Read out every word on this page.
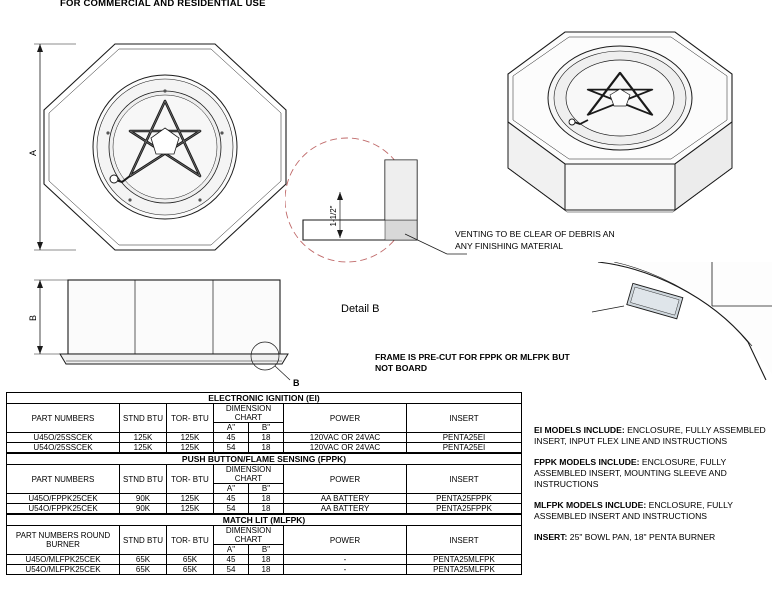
FOR COMMERCIAL AND RESIDENTIAL USE
A
B
B
1-1/2"
Detail B
VENTING TO BE CLEAR OF DEBRIS AN ANY FINISHING MATERIAL
FRAME IS PRE-CUT FOR FPPK OR MLFPK BUT NOT BOARD
ELECTRONIC IGNITION (EI)						
PART NUMBERS	STND BTU	TOR- BTU	DIMENSION CHART		POWER	INSERT
			A"	B"		
U45O/25SSCEK	125K	125K	45	18	120VAC OR 24VAC	PENTA25EI
U54O/25SSCEK	125K	125K	54	18	120VAC OR 24VAC	PENTA25EI
PUSH BUTTON/FLAME SENSING (FPPK)						
PART NUMBERS	STND BTU	TOR- BTU	DIMENSION CHART		POWER	INSERT
			A"	B"		
U45O/FPPK25CEK	90K	125K	45	18	AA BATTERY	PENTA25FPPK
U54O/FPPK25CEK	90K	125K	54	18	AA BATTERY	PENTA25FPPK
MATCH LIT (MLFPK)						
PART NUMBERS ROUND BURNER	STND BTU	TOR- BTU	DIMENSION CHART		POWER	INSERT
			A"	B"		
U45O/MLFPK25CEK	65K	65K	45	18	-	PENTA25MLFPK
U54O/MLFPK25CEK	65K	65K	54	18	-	PENTA25MLFPK
EI MODELS INCLUDE: ENCLOSURE, FULLY ASSEMBLED INSERT, INPUT FLEX LINE AND INSTRUCTIONS
FPPK MODELS INCLUDE: ENCLOSURE, FULLY ASSEMBLED INSERT, MOUNTING SLEEVE AND INSTRUCTIONS
MLFPK MODELS INCLUDE: ENCLOSURE, FULLY ASSEMBLED INSERT AND INSTRUCTIONS
INSERT: 25" BOWL PAN, 18" PENTA BURNER
